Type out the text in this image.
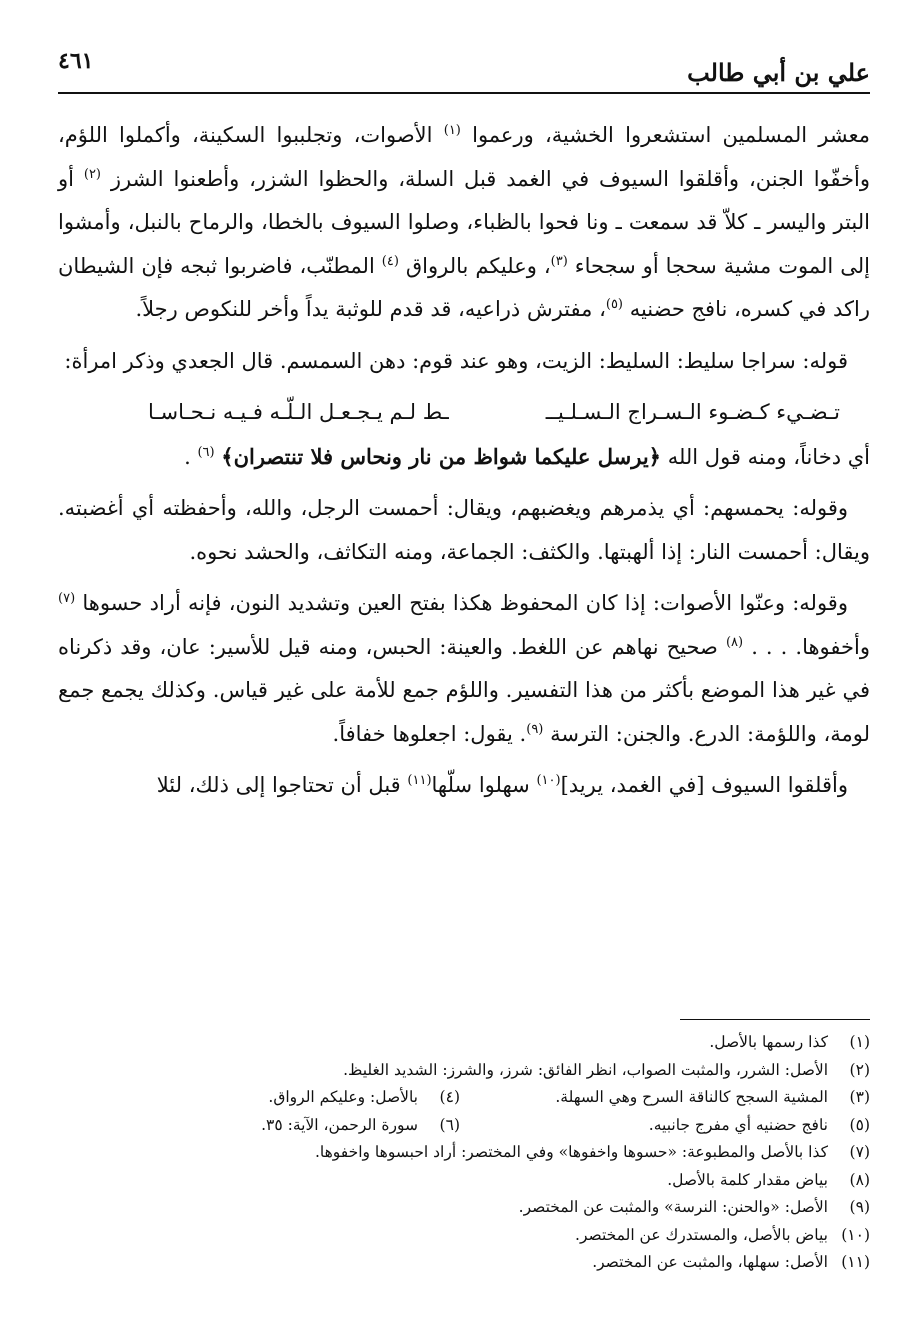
علي بن أبي طالب
٤٦١

معشر المسلمين استشعروا الخشية، ورعموا $^{(١)}$ الأصوات، وتجلببوا السكينة، وأكملوا اللؤم، وأخفّوا الجنن، وأقلقوا السيوف في الغمد قبل السلة، والحظوا الشزر، وأطعنوا الشرز $^{(٢)}$ أو البتر واليسر ـ كلاّ قد سمعت ـ ونا فحوا بالظباء، وصلوا السيوف بالخطا، والرماح بالنبل، وأمشوا إلى الموت مشية سحجا أو سجحاء $^{(٣)}$، وعليكم بالرواق $^{(٤)}$ المطنّب، فاضربوا ثبجه فإن الشيطان راكد في كسره، نافج حضنيه $^{(٥)}$، مفترش ذراعيه، قد قدم للوثبة يداً وأخر للنكوص رجلاً.

قوله: سراجا سليط: السليط: الزيت، وهو عند قوم: دهن السمسم. قال الجعدي وذكر امرأة:

تـضـيء كـضـوء الـسـراج الـسـلـيــ
ـط لـم يـجـعـل الـلّـه فـيـه نـحـاسـا

أي دخاناً، ومنه قول الله ﴿يرسل عليكما شواظ من نار ونحاس فلا تنتصران﴾ $^{(٦)}$ .

وقوله: يحمسهم: أي يذمرهم ويغضبهم، ويقال: أحمست الرجل، والله، وأحفظته أي أغضبته. ويقال: أحمست النار: إذا ألهبتها. والكثف: الجماعة، ومنه التكاثف، والحشد نحوه.

وقوله: وعنّوا الأصوات: إذا كان المحفوظ هكذا بفتح العين وتشديد النون، فإنه أراد حسوها $^{(٧)}$ وأخفوها. . . . $^{(٨)}$ صحيح نهاهم عن اللغط. والعينة: الحبس، ومنه قيل للأسير: عان، وقد ذكرناه في غير هذا الموضع بأكثر من هذا التفسير. واللؤم جمع للأمة على غير قياس. وكذلك يجمع جمع لومة، واللؤمة: الدرع. والجنن: الترسة $^{(٩)}$. يقول: اجعلوها خفافاً.

وأقلقوا السيوف [في الغمد، يريد]$^{(١٠)}$ سهلوا سلّها$^{(١١)}$ قبل أن تحتاجوا إلى ذلك، لئلا

(١)
كذا رسمها بالأصل.
(٢)
الأصل: الشرر، والمثبت الصواب، انظر الفائق: شرز، والشرز: الشديد الغليظ.
(٣)
المشية السجح كالناقة السرح وهي السهلة.
(٤)
بالأصل: وعليكم الرواق.
(٥)
نافج حضنيه أي مفرج جانبيه.
(٦)
سورة الرحمن، الآية: ٣٥.
(٧)
كذا بالأصل والمطبوعة: «حسوها واخفوها» وفي المختصر: أراد احبسوها واخفوها.
(٨)
بياض مقدار كلمة بالأصل.
(٩)
الأصل: «والحنن: النرسة» والمثبت عن المختصر.
(١٠)
بياض بالأصل، والمستدرك عن المختصر.
(١١)
الأصل: سهلها، والمثبت عن المختصر.
